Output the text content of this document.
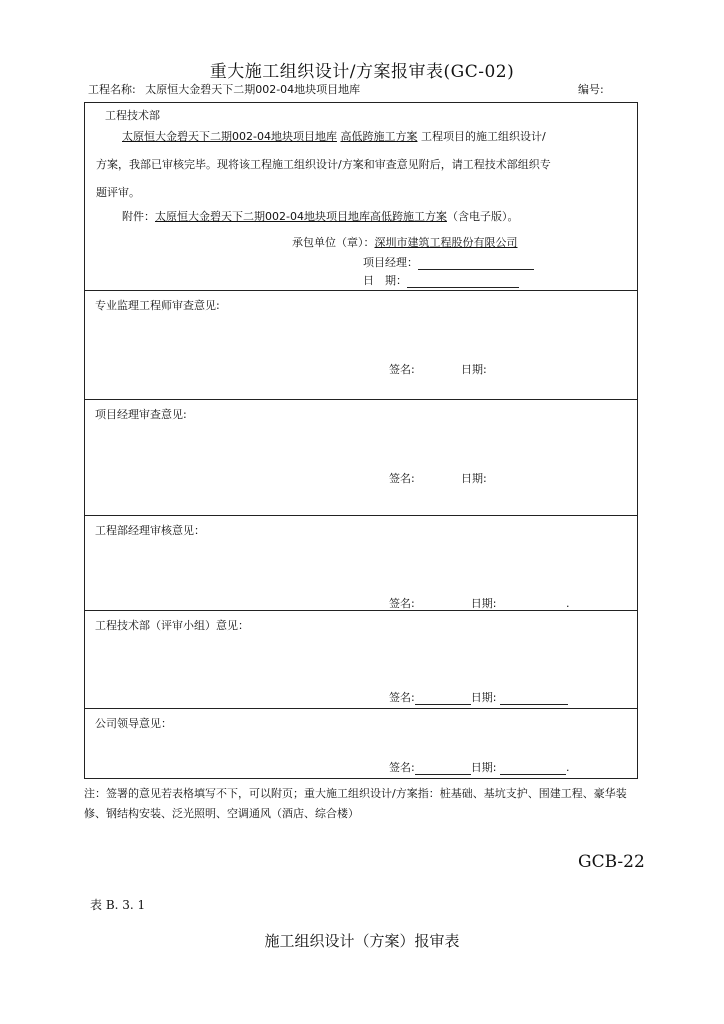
重大施工组织设计/方案报审表(GC-02)
工程名称: 太原恒大金碧天下二期002-04地块项目地库	编号:
工程技术部
太原恒大金碧天下二期002-04地块项目地库 高低跨施工方案 工程项目的施工组织设计/
方案，我部已审核完毕。现将该工程施工组织设计/方案和审查意见附后，请工程技术部组织专
题评审。
附件：太原恒大金碧天下二期002-04地块项目地库高低跨施工方案（含电子版）。
承包单位（章）：深圳市建筑工程股份有限公司
项目经理：
日　期：

专业监理工程师审查意见:
签名:	日期:

项目经理审查意见:
签名:	日期:

工程部经理审核意见：
签名:	日期:	.

工程技术部（评审小组）意见：
签名:	日期:

公司领导意见：
签名:	日期:	.
注：签署的意见若表格填写不下，可以附页；重大施工组织设计/方案指：桩基础、基坑支护、围建工程、豪华装修、钢结构安装、泛光照明、空调通风（酒店、综合楼）
GCB-22
表 B. 3. 1
施工组织设计（方案）报审表
